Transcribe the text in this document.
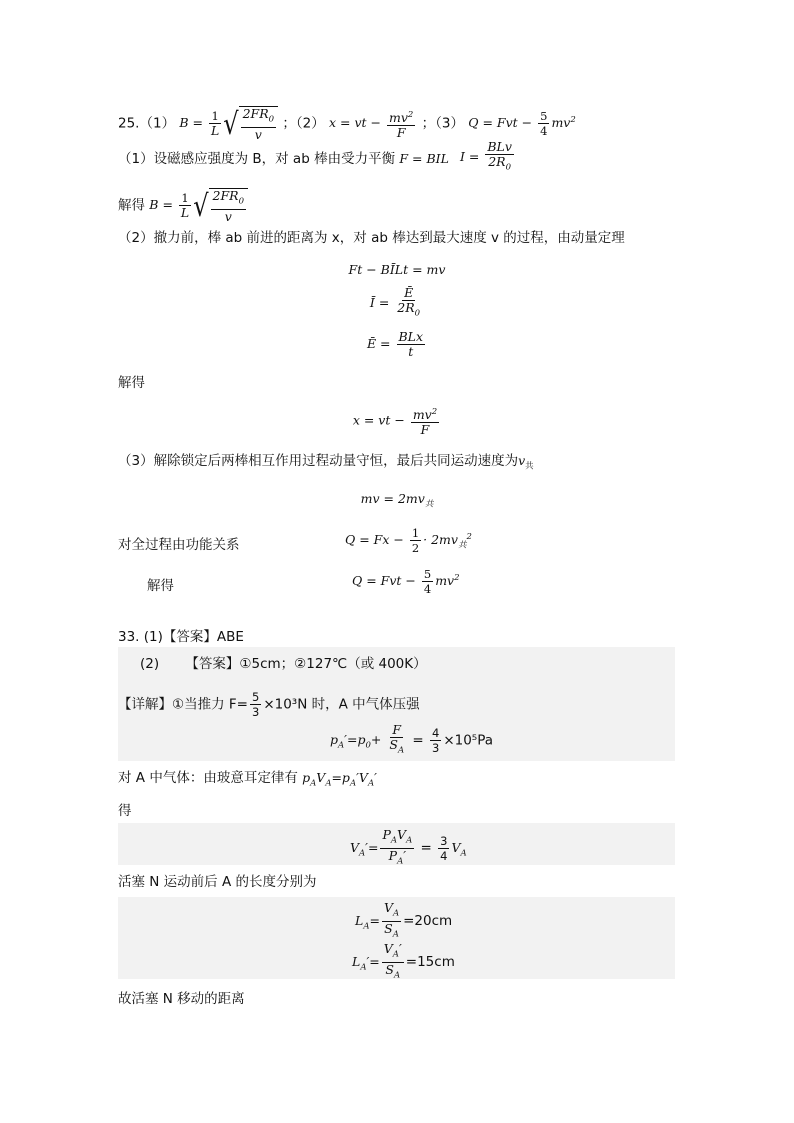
25.（1） $B = \frac{1}{L}$ √ $\frac{2FR_0}{v}$ ；（2） x = vt − $\frac{mv^2}{F}$ ；（3） Q = Fvt − $\frac{5}{4} mv^2$
（1）设磁感应强度为 B，对 ab 棒由受力平衡 F = BIL $I = \frac{\text{BLv}}{2R_0}$
解得 $B = \frac{1}{L}$ √ $\frac{2FR_0}{v}$
（2）撤力前，棒 ab 前进的距离为 x，对 ab 棒达到最大速度 v 的过程，由动量定理
Ft − BĪLt = mv
Ī = $\frac{Ē}{2R_0}$
Ē = $\frac{\text{BLx}}{t}$
解得
x = vt − $\frac{mv^2}{F}$
（3）解除锁定后两棒相互作用过程动量守恒，最后共同运动速度为$v_共$
mv = $2mv_共$
对全过程由功能关系	$Q = Fx - \frac{1}{2} \cdot 2mv_共^2$
解得	Q = Fvt − $\frac{5}{4} mv^2$
33. (1)【答案】ABE
(2) 【答案】①5cm；②127℃（或 400K）
【详解】①当推力 $F= \frac{5}{3} \times 10^3N$ 时，A 中气体压强
$p_A'=p_0+ \frac{F}{S_A} = \frac{4}{3} \times 10^5Pa$
对 A 中气体：由玻意耳定律有 $p_AV_A=p_A'V_A'$
得
$V_A'= \frac{P_AV_A}{P_A'} = \frac{3}{4} V_A$
活塞 N 运动前后 A 的长度分别为
$L_A= \frac{V_A}{S_A} =20cm$
$L_A'= \frac{V_A'}{S_A} =15cm$
故活塞 N 移动的距离
